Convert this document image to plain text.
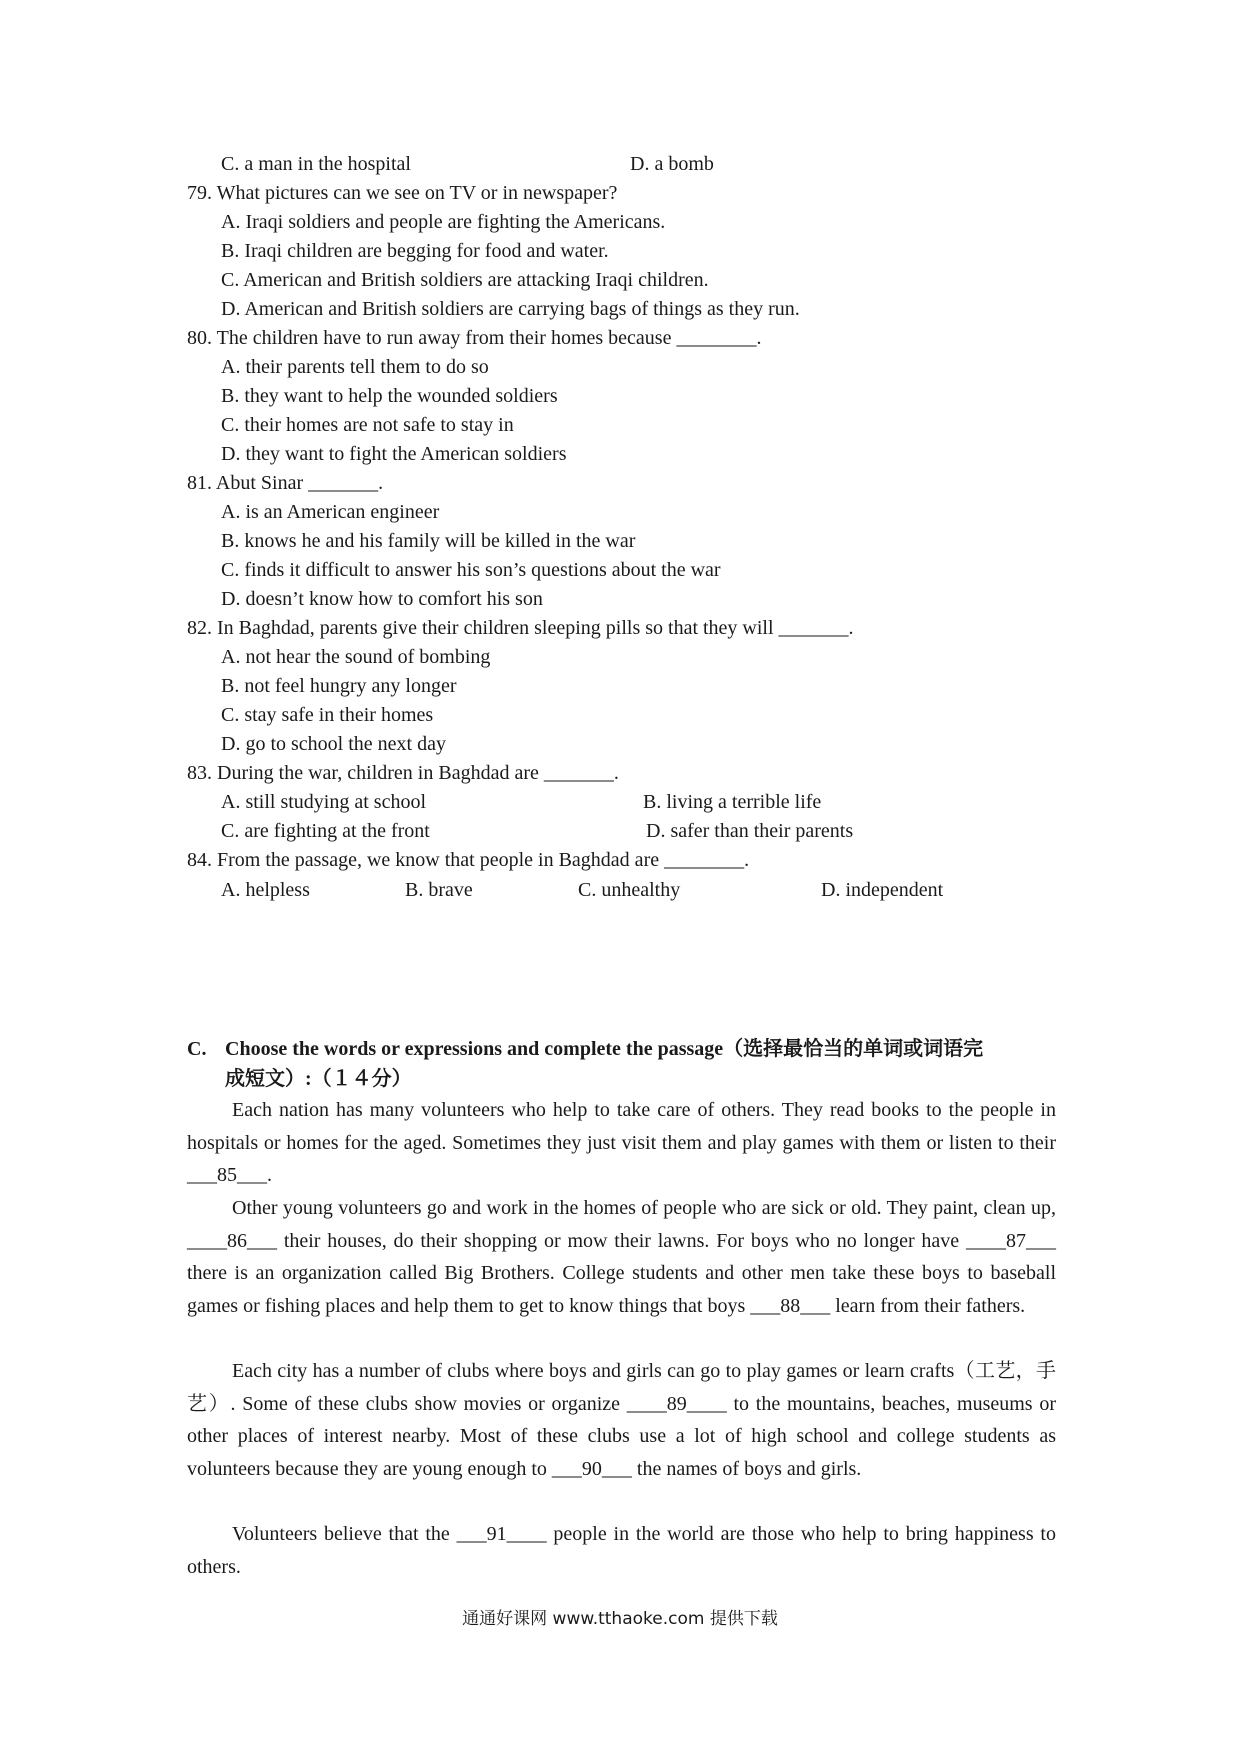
C. a man in the hospital	D. a bomb
79. What pictures can we see on TV or in newspaper?
A. Iraqi soldiers and people are fighting the Americans.
B. Iraqi children are begging for food and water.
C. American and British soldiers are attacking Iraqi children.
D. American and British soldiers are carrying bags of things as they run.
80. The children have to run away from their homes because ________.
A. their parents tell them to do so
B. they want to help the wounded soldiers
C. their homes are not safe to stay in
D. they want to fight the American soldiers
81. Abut Sinar _______.
A. is an American engineer
B. knows he and his family will be killed in the war
C. finds it difficult to answer his son’s questions about the war
D. doesn’t know how to comfort his son
82. In Baghdad, parents give their children sleeping pills so that they will _______.
A. not hear the sound of bombing
B. not feel hungry any longer
C. stay safe in their homes
D. go to school the next day
83. During the war, children in Baghdad are _______.
A. still studying at school	B. living a terrible life
C. are fighting at the front	D. safer than their parents
84. From the passage, we know that people in Baghdad are ________.
A. helpless	B. brave	C. unhealthy	D. independent
C. Choose the words or expressions and complete the passage（选择最恰当的单词或词语完
成短文）:（１４分）
Each nation has many volunteers who help to take care of others. They read books to the people in hospitals or homes for the aged. Sometimes they just visit them and play games with them or listen to their ___85___.
Other young volunteers go and work in the homes of people who are sick or old. They paint, clean up, ____86___ their houses, do their shopping or mow their lawns. For boys who no longer have ____87___ there is an organization called Big Brothers. College students and other men take these boys to baseball games or fishing places and help them to get to know things that boys ___88___ learn from their fathers.
Each city has a number of clubs where boys and girls can go to play games or learn crafts（工艺，手艺）. Some of these clubs show movies or organize ____89____ to the mountains, beaches, museums or other places of interest nearby. Most of these clubs use a lot of high school and college students as volunteers because they are young enough to ___90___ the names of boys and girls.
Volunteers believe that the ___91____ people in the world are those who help to bring happiness to others.
通通好课网 www.tthaoke.com 提供下载
